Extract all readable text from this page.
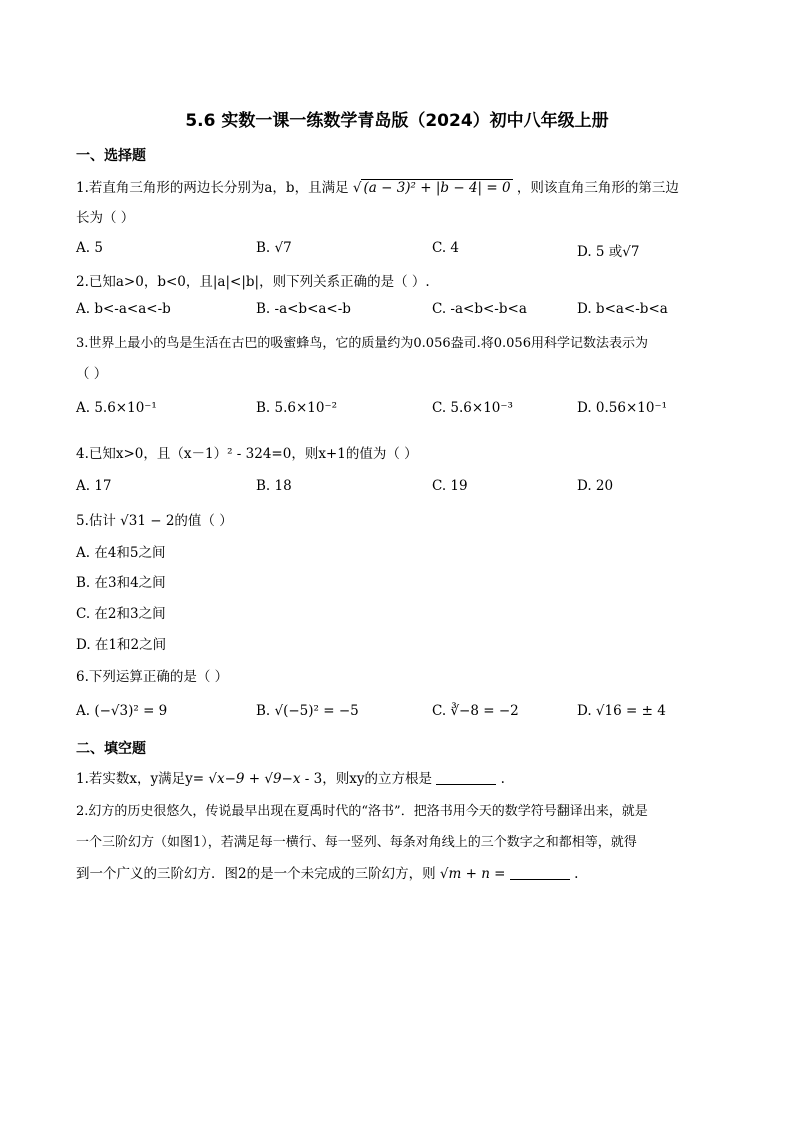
5.6 实数一课一练数学青岛版（2024）初中八年级上册
一、选择题
1.若直角三角形的两边长分别为a，b，且满足 √ (a − 3)² + |b − 4| = 0 ，则该直角三角形的第三边
长为（ ）
A. 5	B. √7	C. 4	D. 5 或√7
2.已知a>0，b<0，且|a|<|b|，则下列关系正确的是（ ）.
A. b<-a<a<-b	B. -a<b<a<-b	C. -a<b<-b<a	D. b<a<-b<a
3.世界上最小的鸟是生活在古巴的吸蜜蜂鸟，它的质量约为0.056盎司.将0.056用科学记数法表示为
（ ）
A. 5.6×10⁻¹	B. 5.6×10⁻²	C. 5.6×10⁻³	D. 0.56×10⁻¹
4.已知x>0，且（x－1）² - 324=0，则x+1的值为（ ）
A. 17	B. 18	C. 19	D. 20
5.估计 √31 − 2的值（ ）
A. 在4和5之间
B. 在3和4之间
C. 在2和3之间
D. 在1和2之间
6.下列运算正确的是（ ）
A. (−√3)² = 9	B. √(−5)² = −5	C. ∛−8 = −2	D. √16 = ± 4
二、填空题
1.若实数x，y满足y= √x−9 + √9−x - 3，则xy的立方根是	.
2.幻方的历史很悠久，传说最早出现在夏禹时代的“洛书”．把洛书用今天的数学符号翻译出来，就是
一个三阶幻方（如图1），若满足每一横行、每一竖列、每条对角线上的三个数字之和都相等，就得
到一个广义的三阶幻方．图2的是一个未完成的三阶幻方，则 √m + n =	.
